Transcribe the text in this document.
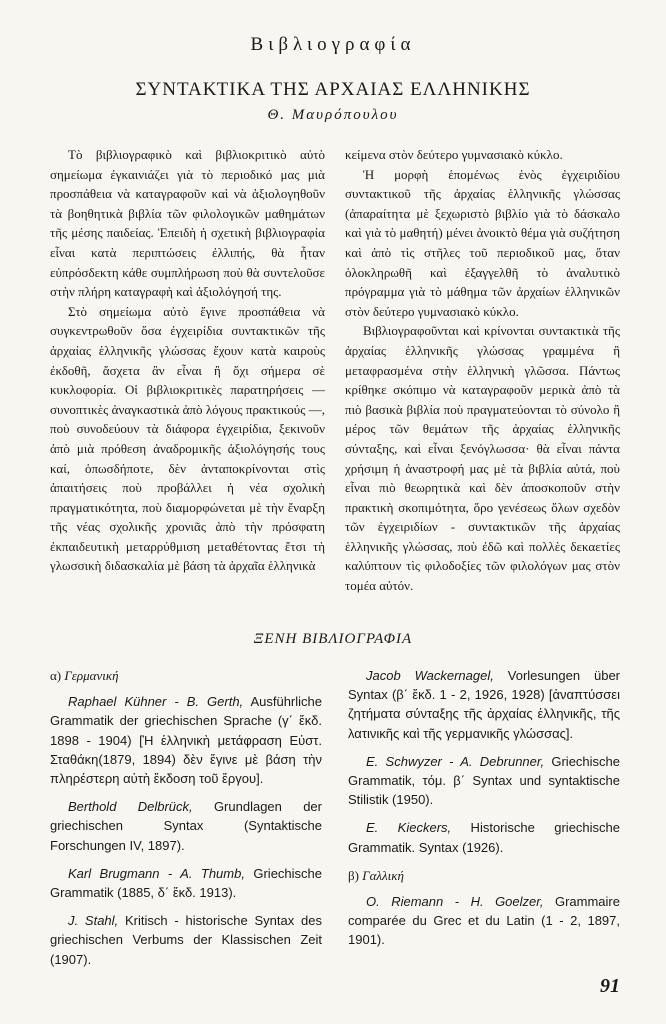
Βιβλιογραφία
ΣΥΝΤΑΚΤΙΚΑ ΤΗΣ ΑΡΧΑΙΑΣ ΕΛΛΗΝΙΚΗΣ
Θ. Μαυρόπουλου

Τὸ βιβλιογραφικὸ καὶ βιβλιοκριτικὸ αὐτὸ σημείωμα ἐγκαινιάζει γιὰ τὸ περιοδικό μας μιὰ προσπάθεια νὰ καταγραφοῦν καὶ νὰ ἀξιολογηθοῦν τὰ βοηθητικὰ βιβλία τῶν φιλολογικῶν μαθημάτων τῆς μέσης παιδείας. Ἐπειδὴ ἡ σχετικὴ βιβλιογραφία εἶναι κατὰ περιπτώσεις ἐλλιπής, θὰ ἦταν εὐπρόσδεκτη κάθε συμπλήρωση ποὺ θὰ συντελοῦσε στὴν πλήρη καταγραφὴ καὶ ἀξιολόγησή της.

Στὸ σημείωμα αὐτὸ ἔγινε προσπάθεια νὰ συγκεντρωθοῦν ὅσα ἐγχειρίδια συντακτικῶν τῆς ἀρχαίας ἑλληνικῆς γλώσσας ἔχουν κατὰ καιροὺς ἐκδοθῆ, ἄσχετα ἂν εἶναι ἢ ὄχι σήμερα σὲ κυκλοφορία. Οἱ βιβλιοκριτικὲς παρατηρήσεις — συνοπτικὲς ἀναγκαστικὰ ἀπὸ λόγους πρακτικούς —, ποὺ συνοδεύουν τὰ διάφορα ἐγχειρίδια, ξεκινοῦν ἀπὸ μιὰ πρόθεση ἀναδρομικῆς ἀξιολόγησής τους καί, ὁπωσδήποτε, δὲν ἀνταποκρίνονται στὶς ἀπαιτήσεις ποὺ προβάλλει ἡ νέα σχολικὴ πραγματικότητα, ποὺ διαμορφώνεται μὲ τὴν ἔναρξη τῆς νέας σχολικῆς χρονιᾶς ἀπὸ τὴν πρόσφατη ἐκπαιδευτικὴ μεταρρύθμιση μεταθέτοντας ἔτσι τὴ γλωσσικὴ διδασκαλία μὲ βάση τὰ ἀρχαῖα ἑλληνικὰ

κείμενα στὸν δεύτερο γυμνασιακὸ κύκλο.

Ἡ μορφὴ ἑπομένως ἑνὸς ἐγχειριδίου συντακτικοῦ τῆς ἀρχαίας ἑλληνικῆς γλώσσας (ἀπαραίτητα μὲ ξεχωριστὸ βιβλίο γιὰ τὸ δάσκαλο καὶ γιὰ τὸ μαθητή) μένει ἀνοικτὸ θέμα γιὰ συζήτηση καὶ ἀπὸ τὶς στῆλες τοῦ περιοδικοῦ μας, ὅταν ὁλοκληρωθῆ καὶ ἐξαγγελθῆ τὸ ἀναλυτικὸ πρόγραμμα γιὰ τὸ μάθημα τῶν ἀρχαίων ἑλληνικῶν στὸν δεύτερο γυμνασιακὸ κύκλο.

Βιβλιογραφοῦνται καὶ κρίνονται συντακτικὰ τῆς ἀρχαίας ἑλληνικῆς γλώσσας γραμμένα ἢ μεταφρασμένα στὴν ἑλληνικὴ γλῶσσα. Πάντως κρίθηκε σκόπιμο νὰ καταγραφοῦν μερικὰ ἀπὸ τὰ πιὸ βασικὰ βιβλία ποὺ πραγματεύονται τὸ σύνολο ἢ μέρος τῶν θεμάτων τῆς ἀρχαίας ἑλληνικῆς σύνταξης, καὶ εἶναι ξενόγλωσσα· θὰ εἶναι πάντα χρήσιμη ἡ ἀναστροφή μας μὲ τὰ βιβλία αὐτά, ποὺ εἶναι πιὸ θεωρητικὰ καὶ δὲν ἀποσκοποῦν στὴν πρακτικὴ σκοπιμότητα, ὅρο γενέσεως ὅλων σχεδὸν τῶν ἐγχειριδίων - συντακτικῶν τῆς ἀρχαίας ἑλληνικῆς γλώσσας, ποὺ ἐδῶ καὶ πολλὲς δεκαετίες καλύπτουν τὶς φιλοδοξίες τῶν φιλολόγων μας στὸν τομέα αὐτόν.

ΞΕΝΗ ΒΙΒΛΙΟΓΡΑΦΙΑ
α) Γερμανική
Raphael Kühner - B. Gerth, Ausführliche Grammatik der griechischen Sprache (γ΄ ἔκδ. 1898 - 1904) [Ἡ ἑλληνικὴ μετάφραση Εὐστ. Σταθάκη(1879, 1894) δὲν ἔγινε μὲ βάση τὴν πληρέστερη αὐτὴ ἔκδοση τοῦ ἔργου].
Berthold Delbrück, Grundlagen der griechischen Syntax (Syntaktische Forschungen IV, 1897).
Karl Brugmann - A. Thumb, Griechische Grammatik (1885, δ΄ ἔκδ. 1913).
J. Stahl, Kritisch - historische Syntax des griechischen Verbums der Klassischen Zeit (1907).
Jacob Wackernagel, Vorlesungen über Syntax (β΄ ἔκδ. 1 - 2, 1926, 1928) [ἀναπτύσσει ζητήματα σύνταξης τῆς ἀρχαίας ἑλληνικῆς, τῆς λατινικῆς καὶ τῆς γερμανικῆς γλώσσας].
E. Schwyzer - A. Debrunner, Griechische Grammatik, τόμ. β΄ Syntax und syntaktische Stilistik (1950).
E. Kieckers, Historische griechische Grammatik. Syntax (1926).
β) Γαλλική
O. Riemann - H. Goelzer, Grammaire comparée du Grec et du Latin (1 - 2, 1897, 1901).
91
